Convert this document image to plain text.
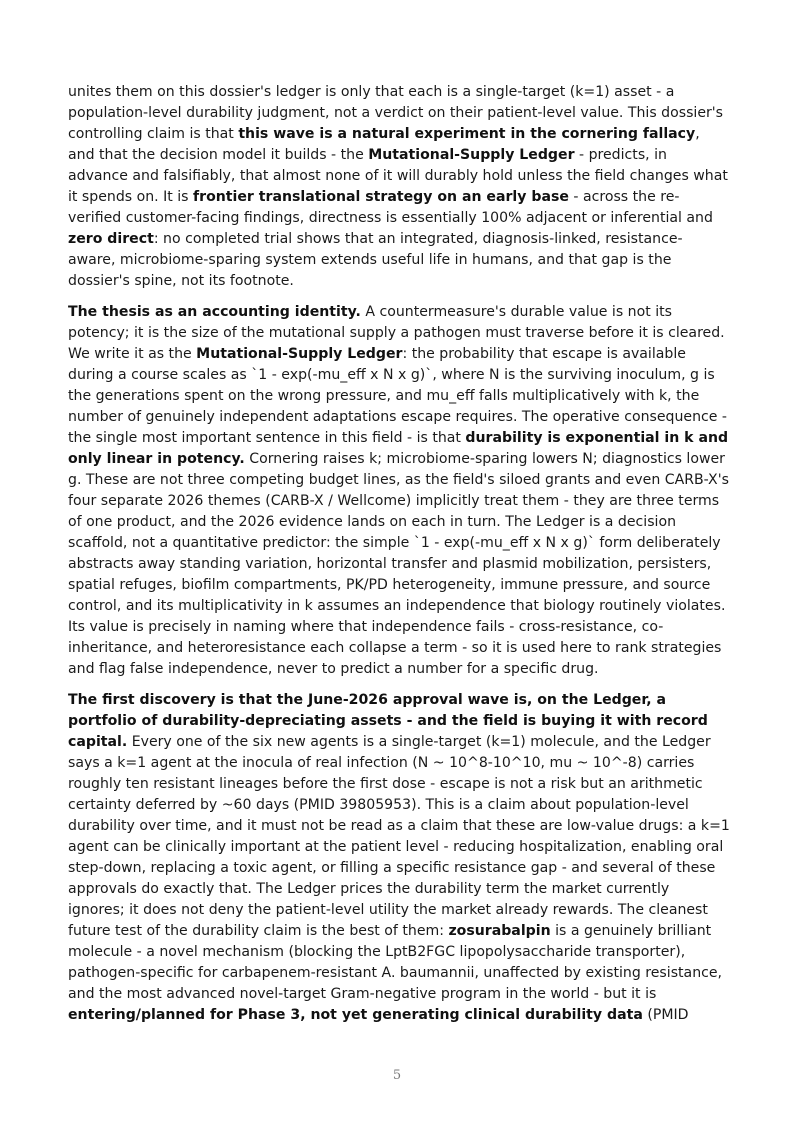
unites them on this dossier's ledger is only that each is a single-target (k=1) asset - a population-level durability judgment, not a verdict on their patient-level value. This dossier's controlling claim is that this wave is a natural experiment in the cornering fallacy, and that the decision model it builds - the Mutational-Supply Ledger - predicts, in advance and falsifiably, that almost none of it will durably hold unless the field changes what it spends on. It is frontier translational strategy on an early base - across the re-verified customer-facing findings, directness is essentially 100% adjacent or inferential and zero direct: no completed trial shows that an integrated, diagnosis-linked, resistance-aware, microbiome-sparing system extends useful life in humans, and that gap is the dossier's spine, not its footnote.

The thesis as an accounting identity. A countermeasure's durable value is not its potency; it is the size of the mutational supply a pathogen must traverse before it is cleared. We write it as the Mutational-Supply Ledger: the probability that escape is available during a course scales as `1 - exp(-mu_eff x N x g)`, where N is the surviving inoculum, g is the generations spent on the wrong pressure, and mu_eff falls multiplicatively with k, the number of genuinely independent adaptations escape requires. The operative consequence - the single most important sentence in this field - is that durability is exponential in k and only linear in potency. Cornering raises k; microbiome-sparing lowers N; diagnostics lower g. These are not three competing budget lines, as the field's siloed grants and even CARB-X's four separate 2026 themes (CARB-X / Wellcome) implicitly treat them - they are three terms of one product, and the 2026 evidence lands on each in turn. The Ledger is a decision scaffold, not a quantitative predictor: the simple `1 - exp(-mu_eff x N x g)` form deliberately abstracts away standing variation, horizontal transfer and plasmid mobilization, persisters, spatial refuges, biofilm compartments, PK/PD heterogeneity, immune pressure, and source control, and its multiplicativity in k assumes an independence that biology routinely violates. Its value is precisely in naming where that independence fails - cross-resistance, co-inheritance, and heteroresistance each collapse a term - so it is used here to rank strategies and flag false independence, never to predict a number for a specific drug.

The first discovery is that the June-2026 approval wave is, on the Ledger, a portfolio of durability-depreciating assets - and the field is buying it with record capital. Every one of the six new agents is a single-target (k=1) molecule, and the Ledger says a k=1 agent at the inocula of real infection (N ~ 10^8-10^10, mu ~ 10^-8) carries roughly ten resistant lineages before the first dose - escape is not a risk but an arithmetic certainty deferred by ~60 days (PMID 39805953). This is a claim about population-level durability over time, and it must not be read as a claim that these are low-value drugs: a k=1 agent can be clinically important at the patient level - reducing hospitalization, enabling oral step-down, replacing a toxic agent, or filling a specific resistance gap - and several of these approvals do exactly that. The Ledger prices the durability term the market currently ignores; it does not deny the patient-level utility the market already rewards. The cleanest future test of the durability claim is the best of them: zosurabalpin is a genuinely brilliant molecule - a novel mechanism (blocking the LptB2FGC lipopolysaccharide transporter), pathogen-specific for carbapenem-resistant A. baumannii, unaffected by existing resistance, and the most advanced novel-target Gram-negative program in the world - but it is entering/planned for Phase 3, not yet generating clinical durability data (PMID

5
